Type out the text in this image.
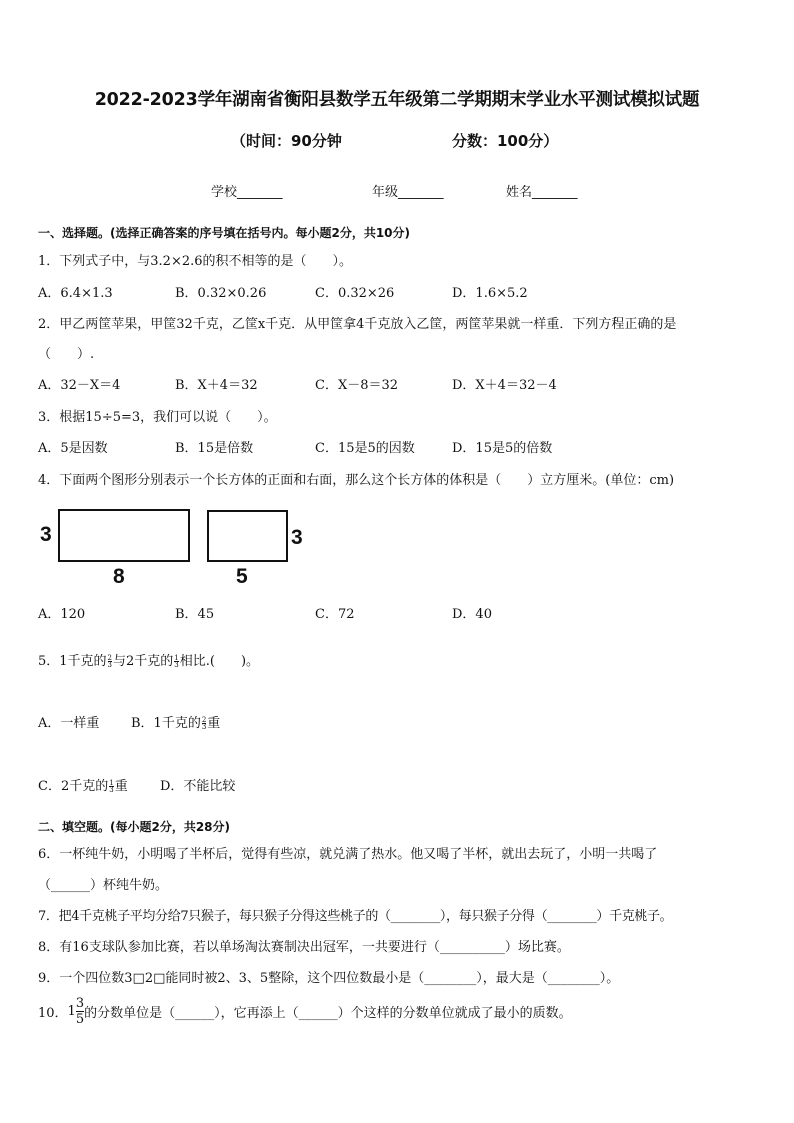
2022-2023学年湖南省衡阳县数学五年级第二学期期末学业水平测试模拟试题
（时间：90分钟	分数：100分）
学校_______	年级_______	姓名_______
一、选择题。(选择正确答案的序号填在括号内。每小题2分，共10分)
1．下列式子中，与3.2×2.6的积不相等的是（　　）。
A．6.4×1.3	B．0.32×0.26	C．0.32×26	D．1.6×5.2
2．甲乙两筐苹果，甲筐32千克，乙筐x千克．从甲筐拿4千克放入乙筐，两筐苹果就一样重．下列方程正确的是
（　　）.
A．32－X＝4	B．X＋4＝32	C．X－8＝32	D．X＋4＝32－4
3．根据15÷5=3，我们可以说（　　）。
A．5是因数	B．15是倍数	C．15是5的因数	D．15是5的倍数
4．下面两个图形分别表示一个长方体的正面和右面，那么这个长方体的体积是（　　）立方厘米。(单位：cm)
3
8
3
5
A．120	B．45	C．72	D．40
5．1千克的 $\frac{2}{3}$ 与2千克的 $\frac{1}{3}$ 相比.(　　)。
A．一样重 B．1千克的 $\frac{2}{3}$ 重
C．2千克的 $\frac{1}{3}$ 重 D．不能比较
二、填空题。(每小题2分，共28分)
6．一杯纯牛奶，小明喝了半杯后，觉得有些凉，就兑满了热水。他又喝了半杯，就出去玩了，小明一共喝了
（______）杯纯牛奶。
7．把4千克桃子平均分给7只猴子，每只猴子分得这些桃子的（________），每只猴子分得（________）千克桃子。
8．有16支球队参加比赛，若以单场淘汰赛制决出冠军，一共要进行（__________）场比赛。
9．一个四位数3□2□能同时被2、3、5整除，这个四位数最小是（________），最大是（________）。
10．$1 \frac{3}{5}$ 的分数单位是（______），它再添上（______）个这样的分数单位就成了最小的质数。
